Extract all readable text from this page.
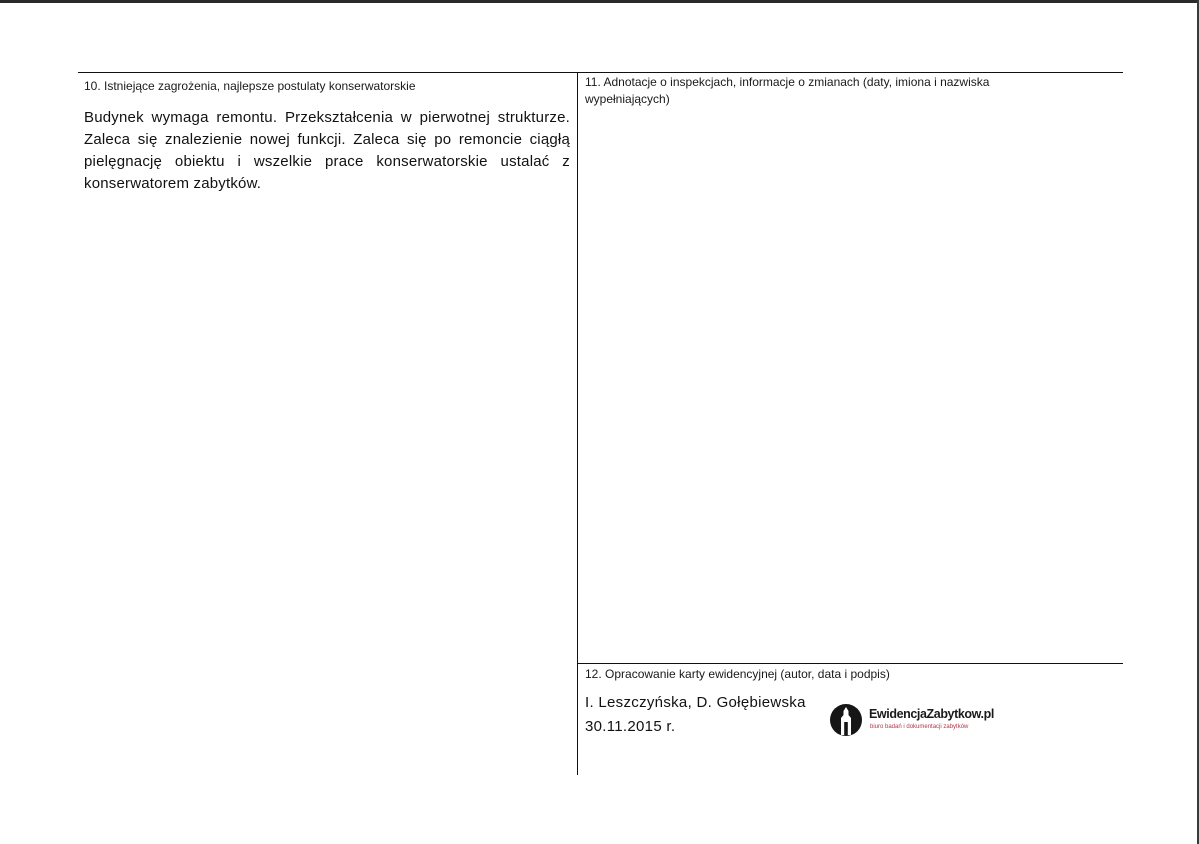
10. Istniejące zagrożenia, najlepsze postulaty konserwatorskie
Budynek wymaga remontu. Przekształcenia w pierwotnej strukturze. Zaleca się znalezienie nowej funkcji. Zaleca się po remoncie ciągłą pielęgnację obiektu i wszelkie prace konserwatorskie ustalać z konserwatorem zabytków.
11. Adnotacje o inspekcjach, informacje o zmianach (daty, imiona i nazwiska wypełniających)
12. Opracowanie karty ewidencyjnej (autor, data i podpis)
I. Leszczyńska, D. Gołębiewska
30.11.2015 r.
EwidencjaZabytkow.pl
biuro badań i dokumentacji zabytków
